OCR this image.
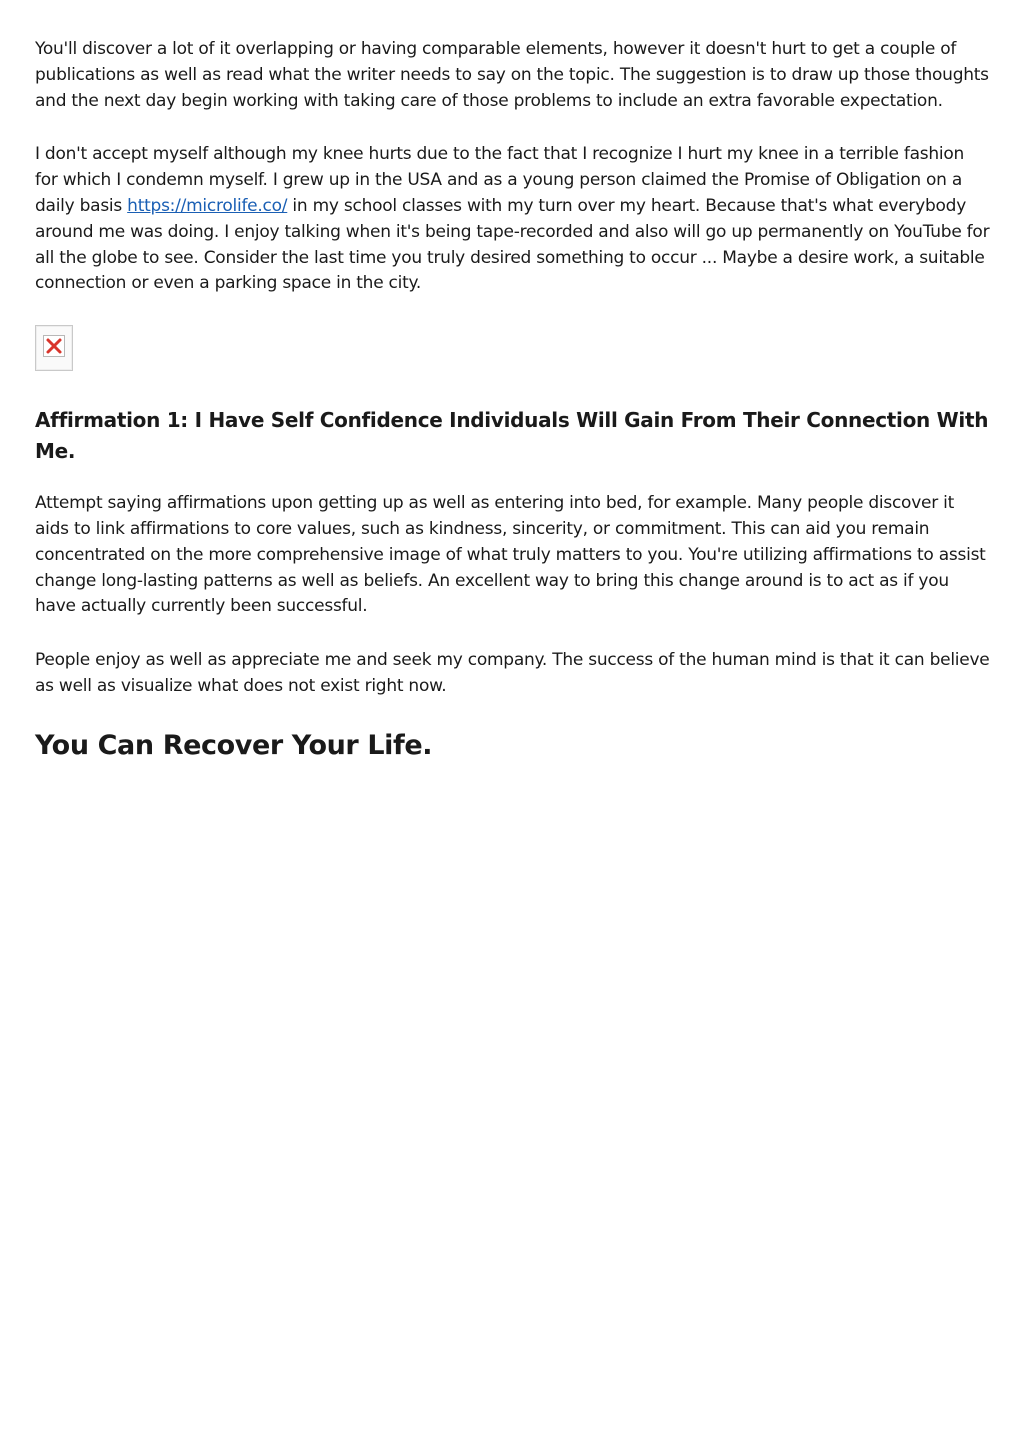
You'll discover a lot of it overlapping or having comparable elements, however it doesn't hurt to get a couple of publications as well as read what the writer needs to say on the topic. The suggestion is to draw up those thoughts and the next day begin working with taking care of those problems to include an extra favorable expectation.

I don't accept myself although my knee hurts due to the fact that I recognize I hurt my knee in a terrible fashion for which I condemn myself. I grew up in the USA and as a young person claimed the Promise of Obligation on a daily basis https://microlife.co/ in my school classes with my turn over my heart. Because that's what everybody around me was doing. I enjoy talking when it's being tape-recorded and also will go up permanently on YouTube for all the globe to see. Consider the last time you truly desired something to occur ... Maybe a desire work, a suitable connection or even a parking space in the city.

Affirmation 1: I Have Self Confidence Individuals Will Gain From Their Connection With Me.

Attempt saying affirmations upon getting up as well as entering into bed, for example. Many people discover it aids to link affirmations to core values, such as kindness, sincerity, or commitment. This can aid you remain concentrated on the more comprehensive image of what truly matters to you. You're utilizing affirmations to assist change long-lasting patterns as well as beliefs. An excellent way to bring this change around is to act as if you have actually currently been successful.

People enjoy as well as appreciate me and seek my company. The success of the human mind is that it can believe as well as visualize what does not exist right now.

You Can Recover Your Life.
